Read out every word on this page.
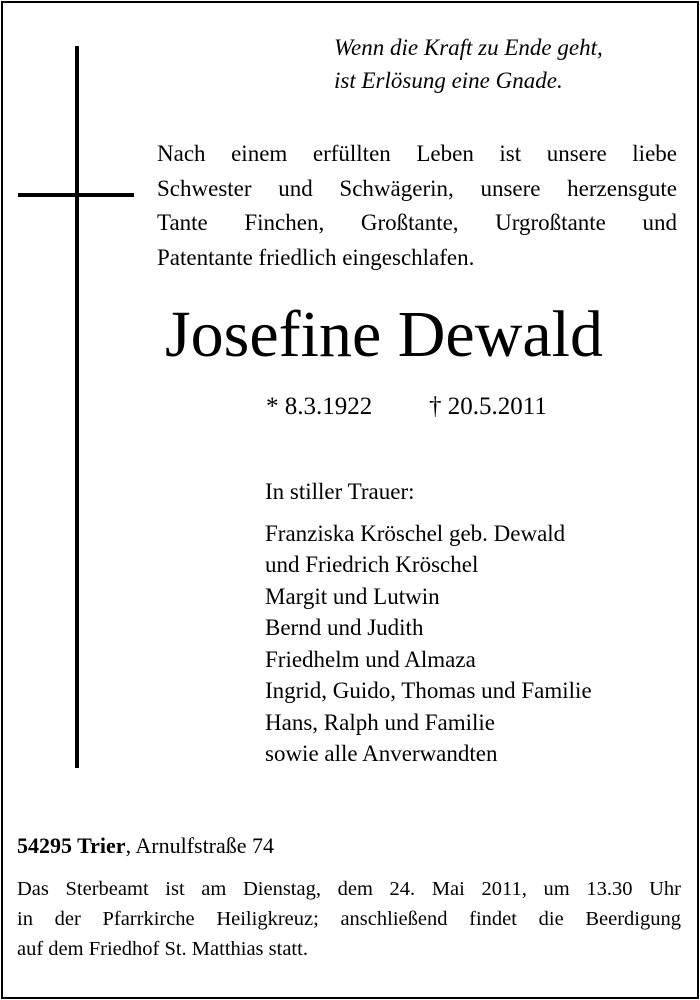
Wenn die Kraft zu Ende geht,
ist Erlösung eine Gnade.

Nach einem erfüllten Leben ist unsere liebe
Schwester und Schwägerin, unsere herzensgute
Tante Finchen, Großtante, Urgroßtante und
Patentante friedlich eingeschlafen.

Josefine Dewald
* 8.3.1922 † 20.5.2011
In stiller Trauer:
Franziska Kröschel geb. Dewald
und Friedrich Kröschel
Margit und Lutwin
Bernd und Judith
Friedhelm und Almaza
Ingrid, Guido, Thomas und Familie
Hans, Ralph und Familie
sowie alle Anverwandten
54295 Trier, Arnulfstraße 74

Das Sterbeamt ist am Dienstag, dem 24. Mai 2011, um 13.30 Uhr
in der Pfarrkirche Heiligkreuz; anschließend findet die Beerdigung
auf dem Friedhof St. Matthias statt.
